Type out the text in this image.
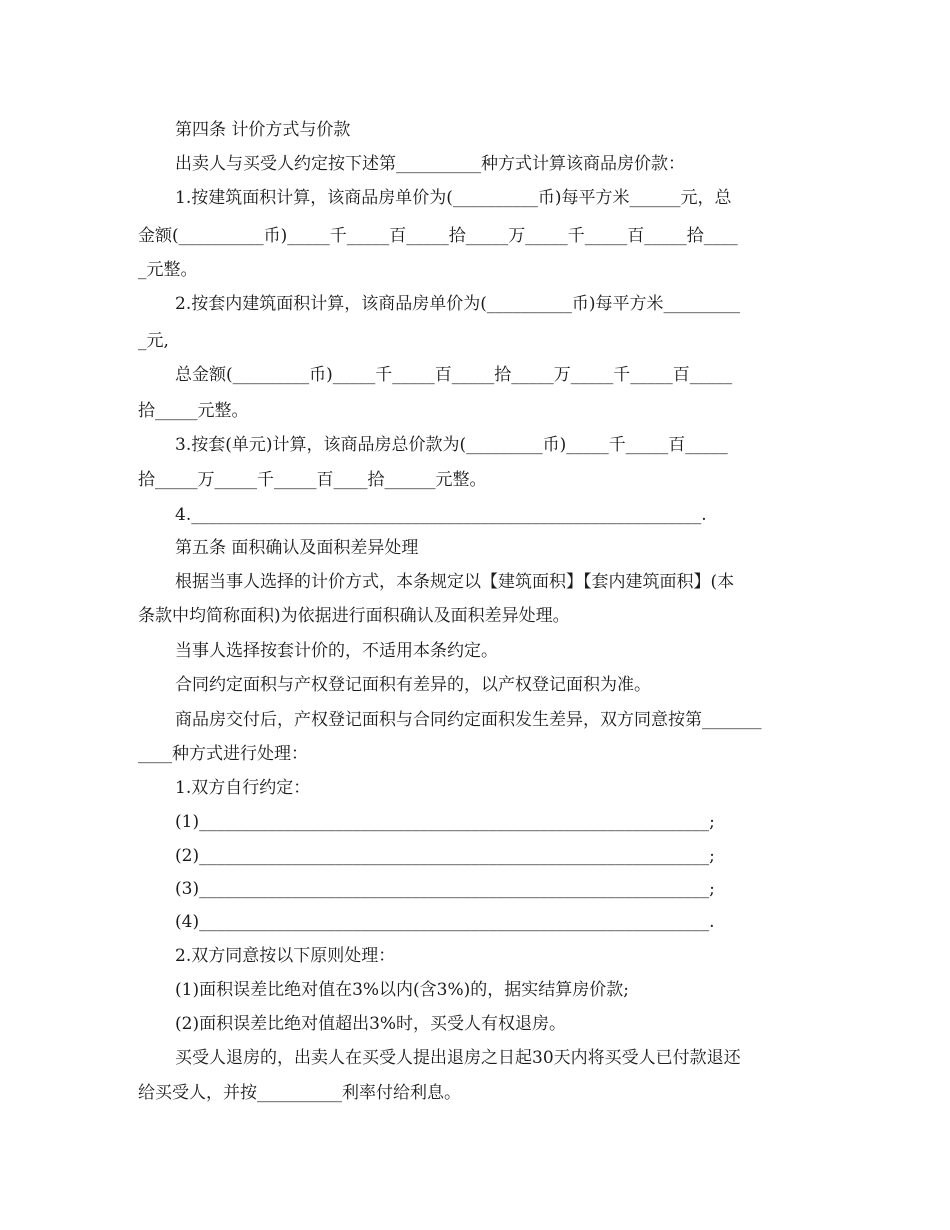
第四条 计价方式与价款
出卖人与买受人约定按下述第__________种方式计算该商品房价款：
1.按建筑面积计算，该商品房单价为(__________币)每平方米______元，总
金额(__________币)_____千_____百_____拾_____万_____千_____百_____拾____
_元整。
2.按套内建筑面积计算，该商品房单价为(__________币)每平方米_________
_元,
总金额(_________币)_____千_____百_____拾_____万_____千_____百_____
拾_____元整。
3.按套(单元)计算，该商品房总价款为(_________币)_____千_____百_____
拾_____万_____千_____百____拾______元整。
4.____________________________________________________________.
第五条 面积确认及面积差异处理
根据当事人选择的计价方式，本条规定以【建筑面积】【套内建筑面积】(本
条款中均简称面积)为依据进行面积确认及面积差异处理。
当事人选择按套计价的，不适用本条约定。
合同约定面积与产权登记面积有差异的，以产权登记面积为准。
商品房交付后，产权登记面积与合同约定面积发生差异，双方同意按第_______
____种方式进行处理：
1.双方自行约定：
(1)____________________________________________________________;
(2)____________________________________________________________;
(3)____________________________________________________________;
(4)____________________________________________________________.
2.双方同意按以下原则处理：
(1)面积误差比绝对值在3%以内(含3%)的，据实结算房价款;
(2)面积误差比绝对值超出3%时，买受人有权退房。
买受人退房的，出卖人在买受人提出退房之日起30天内将买受人已付款退还
给买受人，并按__________利率付给利息。
